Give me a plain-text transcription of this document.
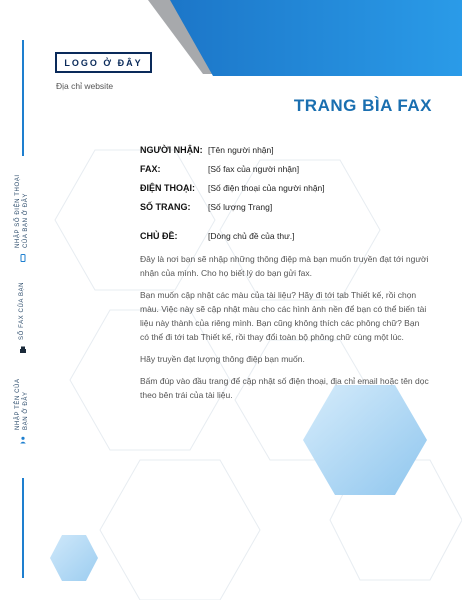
NHẬP SỐ ĐIỆN THOẠI CỦA BẠN Ở ĐÂY
SỐ FAX CỦA BẠN
NHẬP TÊN CỦA BẠN Ở ĐÂY
LOGO Ở ĐÂY
Địa chỉ website
TRANG BÌA FAX
NGƯỜI NHẬN: [Tên người nhận]
FAX:	[Số fax của người nhận]
ĐIỆN THOẠI:	[Số điện thoại của người nhận]
SỐ TRANG:	[Số lượng Trang]
CHỦ ĐỀ:	[Dòng chủ đề của thư.]

Đây là nơi bạn sẽ nhập những thông điệp mà bạn muốn truyền đạt tới người nhận của mình. Cho họ biết lý do bạn gửi fax.

Bạn muốn cập nhật các màu của tài liệu? Hãy đi tới tab Thiết kế, rồi chọn màu. Việc này sẽ cập nhật màu cho các hình ảnh nền để bạn có thể biến tài liệu này thành của riêng mình. Bạn cũng không thích các phông chữ? Bạn có thể đi tới tab Thiết kế, rồi thay đổi toàn bộ phông chữ cùng một lúc.

Hãy truyền đạt lượng thông điệp bạn muốn.

Bấm đúp vào đầu trang để cập nhật số điện thoại, địa chỉ email hoặc tên dọc theo bên trái của tài liệu.
